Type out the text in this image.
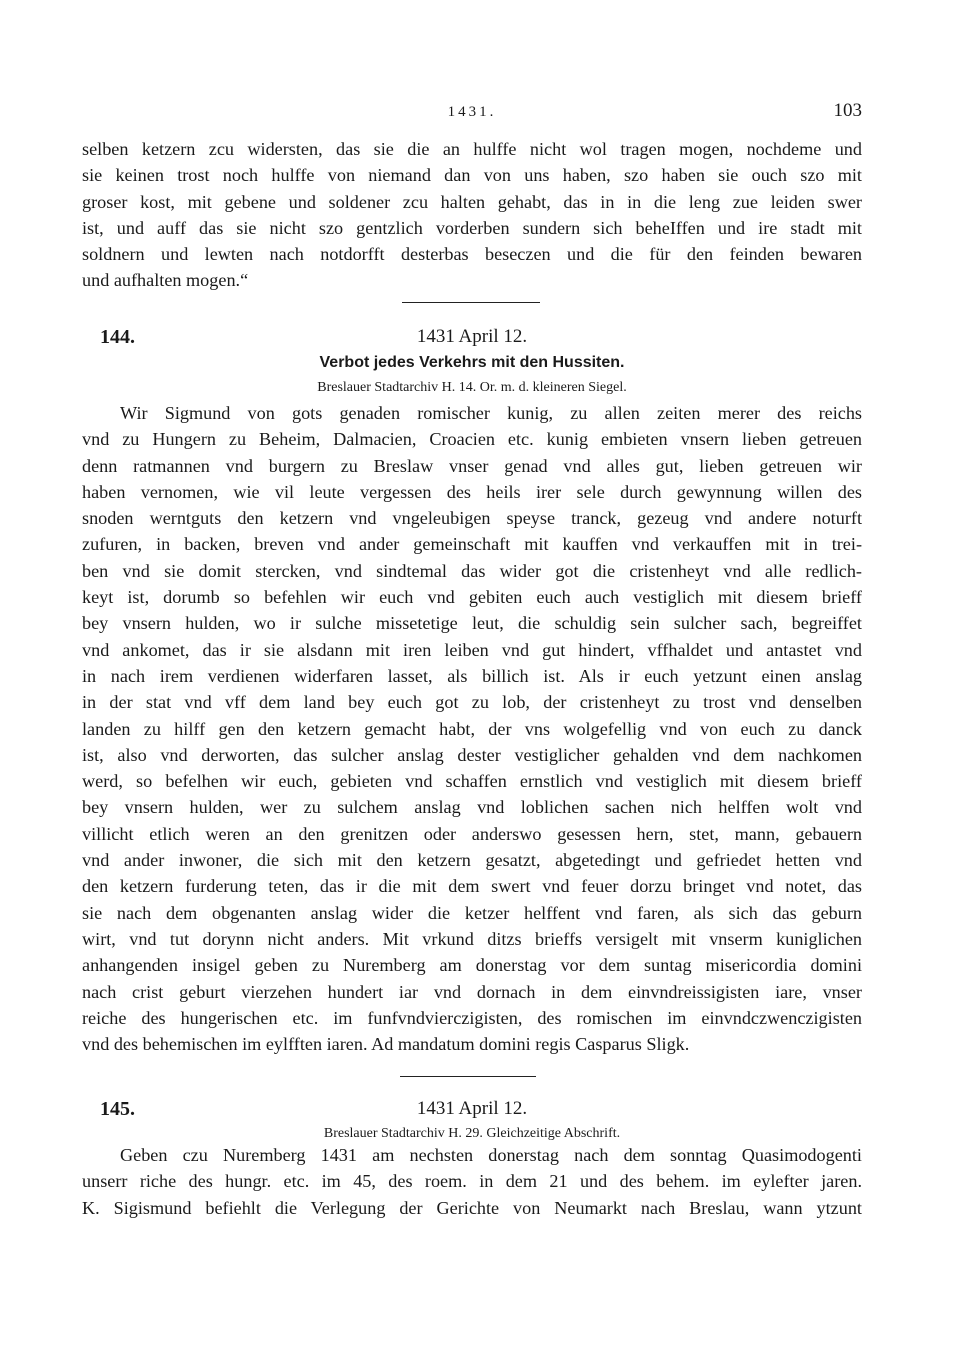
1431.	103
selben ketzern zcu widersten, das sie die an hulffe nicht wol tragen mogen, nochdeme und
sie keinen trost noch hulffe von niemand dan von uns haben, szo haben sie ouch szo mit
groser kost, mit gebene und soldener zcu halten gehabt, das in in die leng zue leiden swer
ist, und auff das sie nicht szo gentzlich vorderben sundern sich beheIffen und ire stadt mit
soldnern und lewten nach notdorfft desterbas beseczen und die für den feinden bewaren
und aufhalten mogen.“
144.	1431 April 12.
Verbot jedes Verkehrs mit den Hussiten.
Breslauer Stadtarchiv H. 14. Or. m. d. kleineren Siegel.
Wir Sigmund von gots genaden romischer kunig, zu allen zeiten merer des reichs
vnd zu Hungern zu Beheim, Dalmacien, Croacien etc. kunig embieten vnsern lieben getreuen
denn ratmannen vnd burgern zu Breslaw vnser genad vnd alles gut, lieben getreuen wir
haben vernomen, wie vil leute vergessen des heils irer sele durch gewynnung willen des
snoden werntguts den ketzern vnd vngeleubigen speyse tranck, gezeug vnd andere noturft
zufuren, in backen, breven vnd ander gemeinschaft mit kauffen vnd verkauffen mit in trei-
ben vnd sie domit stercken, vnd sindtemal das wider got die cristenheyt vnd alle redlich-
keyt ist, dorumb so befehlen wir euch vnd gebiten euch auch vestiglich mit diesem brieff
bey vnsern hulden, wo ir sulche missetetige leut, die schuldig sein sulcher sach, begreiffet
vnd ankomet, das ir sie alsdann mit iren leiben vnd gut hindert, vffhaldet und antastet vnd
in nach irem verdienen widerfaren lasset, als billich ist. Als ir euch yetzunt einen anslag
in der stat vnd vff dem land bey euch got zu lob, der cristenheyt zu trost vnd denselben
landen zu hilff gen den ketzern gemacht habt, der vns wolgefellig vnd von euch zu danck
ist, also vnd derworten, das sulcher anslag dester vestiglicher gehalden vnd dem nachkomen
werd, so befelhen wir euch, gebieten vnd schaffen ernstlich vnd vestiglich mit diesem brieff
bey vnsern hulden, wer zu sulchem anslag vnd loblichen sachen nich helffen wolt vnd
villicht etlich weren an den grenitzen oder anderswo gesessen hern, stet, mann, gebauern
vnd ander inwoner, die sich mit den ketzern gesatzt, abgetedingt und gefriedet hetten vnd
den ketzern furderung teten, das ir die mit dem swert vnd feuer dorzu bringet vnd notet, das
sie nach dem obgenanten anslag wider die ketzer helffent vnd faren, als sich das geburn
wirt, vnd tut dorynn nicht anders. Mit vrkund ditzs brieffs versigelt mit vnserm kuniglichen
anhangenden insigel geben zu Nuremberg am donerstag vor dem suntag misericordia domini
nach crist geburt vierzehen hundert iar vnd dornach in dem einvndreissigisten iare, vnser
reiche des hungerischen etc. im funfvndvierczigisten, des romischen im einvndczwenczigisten
vnd des behemischen im eylfften iaren. Ad mandatum domini regis Casparus Sligk.
145.	1431 April 12.
Breslauer Stadtarchiv H. 29. Gleichzeitige Abschrift.
Geben czu Nuremberg 1431 am nechsten donerstag nach dem sonntag Quasimodogenti
unserr riche des hungr. etc. im 45, des roem. in dem 21 und des behem. im eylefter jaren.
K. Sigismund befiehlt die Verlegung der Gerichte von Neumarkt nach Breslau, wann ytzunt
